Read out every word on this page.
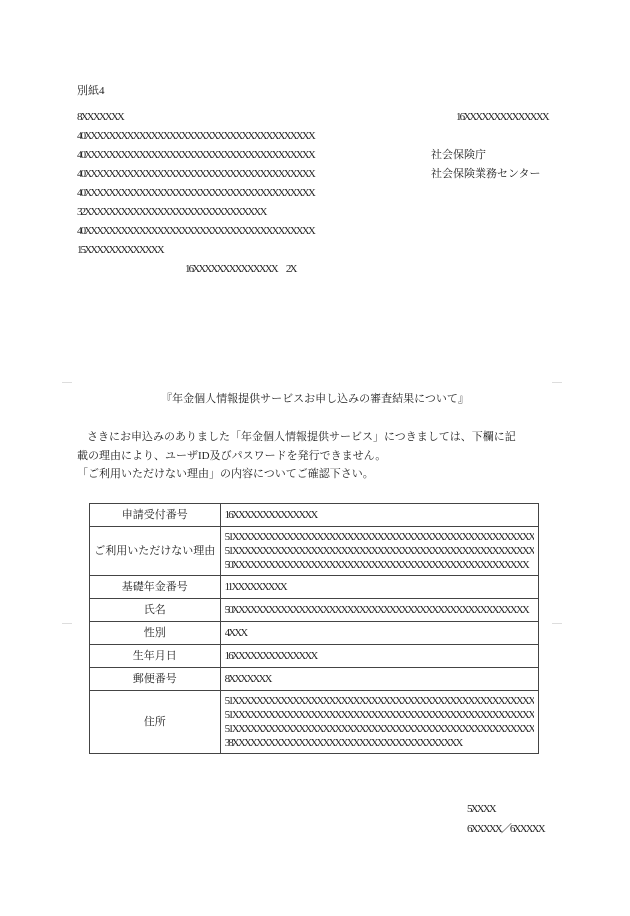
別紙4
8XXXXXXX	16XXXXXXXXXXXXXX
40XXXXXXXXXXXXXXXXXXXXXXXXXXXXXXXXXXXXXX
40XXXXXXXXXXXXXXXXXXXXXXXXXXXXXXXXXXXXXX
40XXXXXXXXXXXXXXXXXXXXXXXXXXXXXXXXXXXXXX
40XXXXXXXXXXXXXXXXXXXXXXXXXXXXXXXXXXXXXX
32XXXXXXXXXXXXXXXXXXXXXXXXXXXXXX
40XXXXXXXXXXXXXXXXXXXXXXXXXXXXXXXXXXXXXX
15XXXXXXXXXXXXX
16XXXXXXXXXXXXXX　2X
社会保険庁
社会保険業務センター
『年金個人情報提供サービスお申し込みの審査結果について』
さきにお申込みのありました「年金個人情報提供サービス」につきましては、下欄に記
載の理由により、ユーザID及びパスワードを発行できません。
「ご利用いただけない理由」の内容についてご確認下さい。
申請受付番号	16XXXXXXXXXXXXXX

ご利用いただけない理由	51XXXXXXXXXXXXXXXXXXXXXXXXXXXXXXXXXXXXXXXXXXXXXXXXXX
51XXXXXXXXXXXXXXXXXXXXXXXXXXXXXXXXXXXXXXXXXXXXXXXXXX
50XXXXXXXXXXXXXXXXXXXXXXXXXXXXXXXXXXXXXXXXXXXXXXXXX

基礎年金番号	11XXXXXXXXX

氏名	50XXXXXXXXXXXXXXXXXXXXXXXXXXXXXXXXXXXXXXXXXXXXXXXXX

性別	4XXX

生年月日	16XXXXXXXXXXXXXX

郵便番号	8XXXXXXX

住所	51XXXXXXXXXXXXXXXXXXXXXXXXXXXXXXXXXXXXXXXXXXXXXXXXXX
51XXXXXXXXXXXXXXXXXXXXXXXXXXXXXXXXXXXXXXXXXXXXXXXXXX
51XXXXXXXXXXXXXXXXXXXXXXXXXXXXXXXXXXXXXXXXXXXXXXXXXX
38XXXXXXXXXXXXXXXXXXXXXXXXXXXXXXXXXXXXXX
5XXXX
6XXXXX／6XXXXX
